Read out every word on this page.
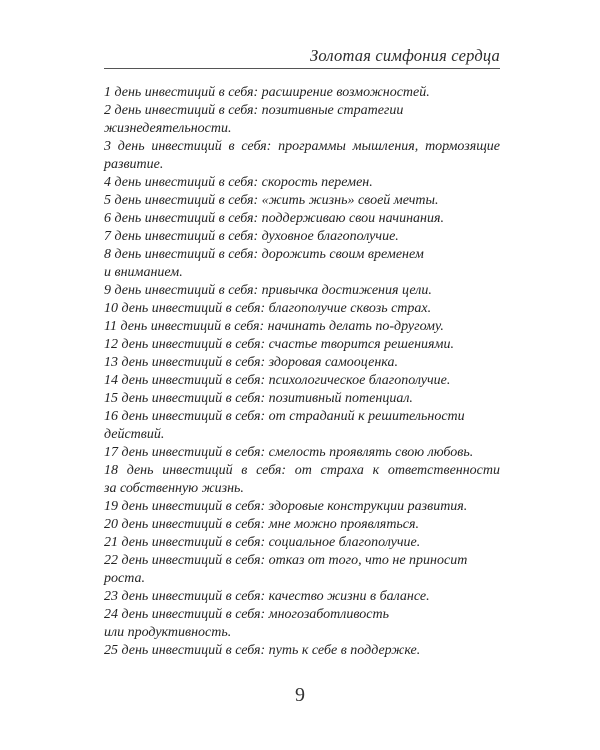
Золотая симфония сердца
1 день инвестиций в себя: расширение возможностей.
2 день инвестиций в себя: позитивные стратегии
жизнедеятельности.
3 день инвестиций в себя: программы мышления, тормозящие
развитие.
4 день инвестиций в себя: скорость перемен.
5 день инвестиций в себя: «жить жизнь» своей мечты.
6 день инвестиций в себя: поддерживаю свои начинания.
7 день инвестиций в себя: духовное благополучие.
8 день инвестиций в себя: дорожить своим временем
и вниманием.
9 день инвестиций в себя: привычка достижения цели.
10 день инвестиций в себя: благополучие сквозь страх.
11 день инвестиций в себя: начинать делать по-другому.
12 день инвестиций в себя: счастье творится решениями.
13 день инвестиций в себя: здоровая самооценка.
14 день инвестиций в себя: психологическое благополучие.
15 день инвестиций в себя: позитивный потенциал.
16 день инвестиций в себя: от страданий к решительности
действий.
17 день инвестиций в себя: смелость проявлять свою любовь.
18 день инвестиций в себя: от страха к ответственности
за собственную жизнь.
19 день инвестиций в себя: здоровые конструкции развития.
20 день инвестиций в себя: мне можно проявляться.
21 день инвестиций в себя: социальное благополучие.
22 день инвестиций в себя: отказ от того, что не приносит
роста.
23 день инвестиций в себя: качество жизни в балансе.
24 день инвестиций в себя: многозаботливость
или продуктивность.
25 день инвестиций в себя: путь к себе в поддержке.
9
